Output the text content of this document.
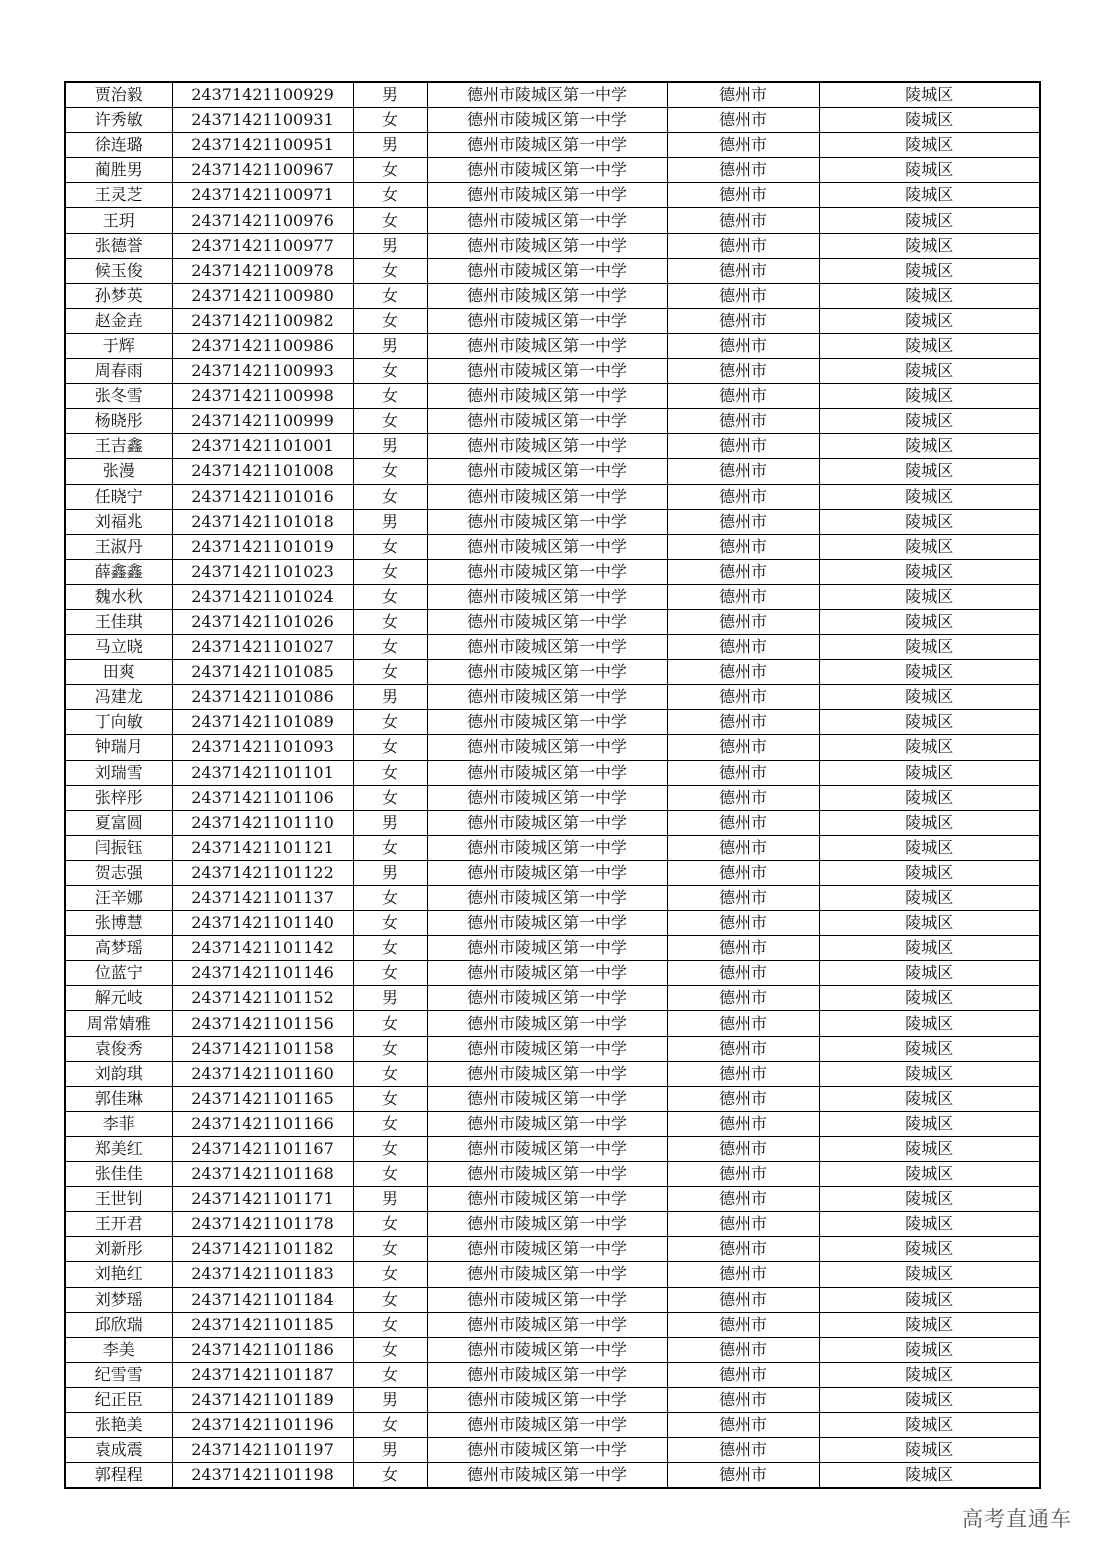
贾治毅	24371421100929	男	德州市陵城区第一中学	德州市	陵城区
许秀敏	24371421100931	女	德州市陵城区第一中学	德州市	陵城区
徐连璐	24371421100951	男	德州市陵城区第一中学	德州市	陵城区
蔺胜男	24371421100967	女	德州市陵城区第一中学	德州市	陵城区
王灵芝	24371421100971	女	德州市陵城区第一中学	德州市	陵城区
王玥	24371421100976	女	德州市陵城区第一中学	德州市	陵城区
张德誉	24371421100977	男	德州市陵城区第一中学	德州市	陵城区
候玉俊	24371421100978	女	德州市陵城区第一中学	德州市	陵城区
孙梦英	24371421100980	女	德州市陵城区第一中学	德州市	陵城区
赵金垚	24371421100982	女	德州市陵城区第一中学	德州市	陵城区
于辉	24371421100986	男	德州市陵城区第一中学	德州市	陵城区
周春雨	24371421100993	女	德州市陵城区第一中学	德州市	陵城区
张冬雪	24371421100998	女	德州市陵城区第一中学	德州市	陵城区
杨晓彤	24371421100999	女	德州市陵城区第一中学	德州市	陵城区
王吉鑫	24371421101001	男	德州市陵城区第一中学	德州市	陵城区
张漫	24371421101008	女	德州市陵城区第一中学	德州市	陵城区
任晓宁	24371421101016	女	德州市陵城区第一中学	德州市	陵城区
刘福兆	24371421101018	男	德州市陵城区第一中学	德州市	陵城区
王淑丹	24371421101019	女	德州市陵城区第一中学	德州市	陵城区
薛鑫鑫	24371421101023	女	德州市陵城区第一中学	德州市	陵城区
魏水秋	24371421101024	女	德州市陵城区第一中学	德州市	陵城区
王佳琪	24371421101026	女	德州市陵城区第一中学	德州市	陵城区
马立晓	24371421101027	女	德州市陵城区第一中学	德州市	陵城区
田爽	24371421101085	女	德州市陵城区第一中学	德州市	陵城区
冯建龙	24371421101086	男	德州市陵城区第一中学	德州市	陵城区
丁向敏	24371421101089	女	德州市陵城区第一中学	德州市	陵城区
钟瑞月	24371421101093	女	德州市陵城区第一中学	德州市	陵城区
刘瑞雪	24371421101101	女	德州市陵城区第一中学	德州市	陵城区
张梓彤	24371421101106	女	德州市陵城区第一中学	德州市	陵城区
夏富圆	24371421101110	男	德州市陵城区第一中学	德州市	陵城区
闫振钰	24371421101121	女	德州市陵城区第一中学	德州市	陵城区
贺志强	24371421101122	男	德州市陵城区第一中学	德州市	陵城区
汪辛娜	24371421101137	女	德州市陵城区第一中学	德州市	陵城区
张博慧	24371421101140	女	德州市陵城区第一中学	德州市	陵城区
高梦瑶	24371421101142	女	德州市陵城区第一中学	德州市	陵城区
位蓝宁	24371421101146	女	德州市陵城区第一中学	德州市	陵城区
解元岐	24371421101152	男	德州市陵城区第一中学	德州市	陵城区
周常婧雅	24371421101156	女	德州市陵城区第一中学	德州市	陵城区
袁俊秀	24371421101158	女	德州市陵城区第一中学	德州市	陵城区
刘韵琪	24371421101160	女	德州市陵城区第一中学	德州市	陵城区
郭佳琳	24371421101165	女	德州市陵城区第一中学	德州市	陵城区
李菲	24371421101166	女	德州市陵城区第一中学	德州市	陵城区
郑美红	24371421101167	女	德州市陵城区第一中学	德州市	陵城区
张佳佳	24371421101168	女	德州市陵城区第一中学	德州市	陵城区
王世钊	24371421101171	男	德州市陵城区第一中学	德州市	陵城区
王开君	24371421101178	女	德州市陵城区第一中学	德州市	陵城区
刘新彤	24371421101182	女	德州市陵城区第一中学	德州市	陵城区
刘艳红	24371421101183	女	德州市陵城区第一中学	德州市	陵城区
刘梦瑶	24371421101184	女	德州市陵城区第一中学	德州市	陵城区
邱欣瑞	24371421101185	女	德州市陵城区第一中学	德州市	陵城区
李美	24371421101186	女	德州市陵城区第一中学	德州市	陵城区
纪雪雪	24371421101187	女	德州市陵城区第一中学	德州市	陵城区
纪正臣	24371421101189	男	德州市陵城区第一中学	德州市	陵城区
张艳美	24371421101196	女	德州市陵城区第一中学	德州市	陵城区
袁成震	24371421101197	男	德州市陵城区第一中学	德州市	陵城区
郭程程	24371421101198	女	德州市陵城区第一中学	德州市	陵城区
高考直通车
